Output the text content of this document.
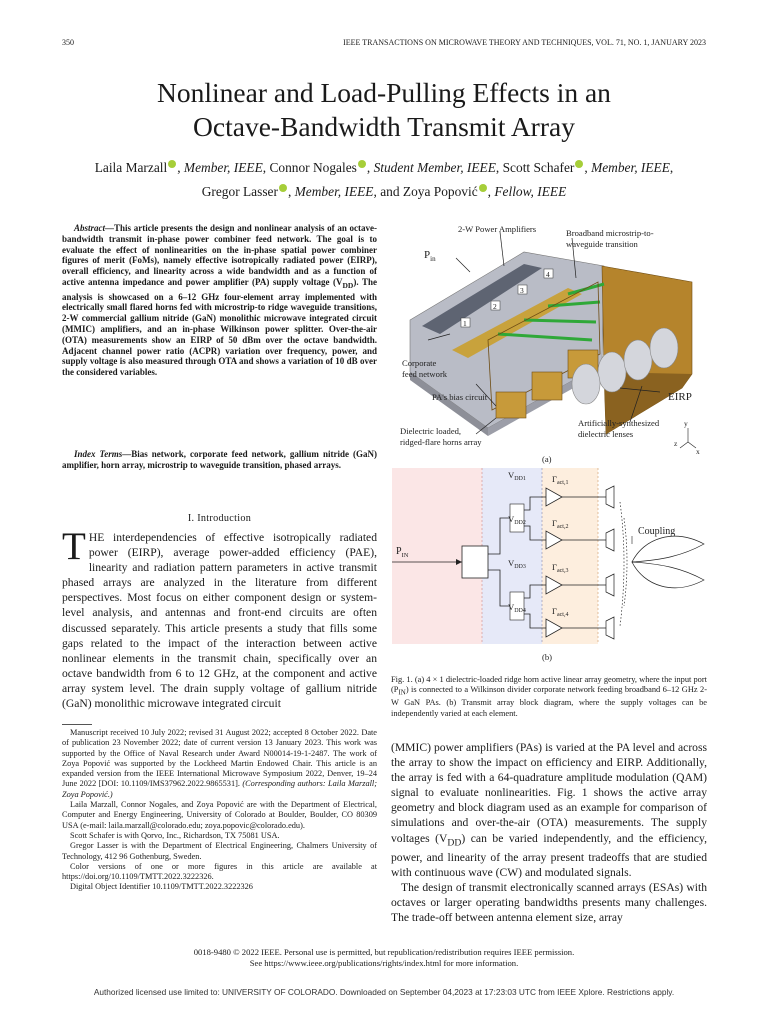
350	IEEE TRANSACTIONS ON MICROWAVE THEORY AND TECHNIQUES, VOL. 71, NO. 1, JANUARY 2023
Nonlinear and Load-Pulling Effects in an
Octave-Bandwidth Transmit Array
Laila Marzall , Member, IEEE, Connor Nogales , Student Member, IEEE, Scott Schafer , Member, IEEE,
Gregor Lasser , Member, IEEE, and Zoya Popović , Fellow, IEEE
Abstract—This article presents the design and nonlinear analysis of an octave-bandwidth transmit in-phase power combiner feed network. The goal is to evaluate the effect of nonlinearities on the in-phase spatial power combiner figures of merit (FoMs), namely effective isotropically radiated power (EIRP), overall efficiency, and linearity across a wide bandwidth and as a function of active antenna impedance and power amplifier (PA) supply voltage $(V_{DD})$. The analysis is showcased on a 6–12 GHz four-element array implemented with electrically small flared horns fed with microstrip-to ridge waveguide transitions, 2-W commercial gallium nitride (GaN) monolithic microwave integrated circuit (MMIC) amplifiers, and an in-phase Wilkinson power splitter. Over-the-air (OTA) measurements show an EIRP of 50 dBm over the octave bandwidth. Adjacent channel power ratio (ACPR) variation over frequency, power, and supply voltage is also measured through OTA and shows a variation of 10 dB over the considered variables.
Index Terms—Bias network, corporate feed network, gallium nitride (GaN) amplifier, horn array, microstrip to waveguide transition, phased arrays.
I. Introduction
THE interdependencies of effective isotropically radiated power (EIRP), average power-added efficiency (PAE), linearity and radiation pattern parameters in active transmit phased arrays are analyzed in the literature from different perspectives. Most focus on either component design or system-level analysis, and antennas and front-end circuits are often discussed separately. This article presents a study that fills some gaps related to the impact of the interaction between active nonlinear elements in the transmit chain, specifically over an octave bandwidth from 6 to 12 GHz, at the component and active array system level. The drain supply voltage of gallium nitride (GaN) monolithic microwave integrated circuit

Manuscript received 10 July 2022; revised 31 August 2022; accepted 8 October 2022. Date of publication 23 November 2022; date of current version 13 January 2023. This work was supported by the Office of Naval Research under Award N00014-19-1-2487. The work of Zoya Popović was supported by the Lockheed Martin Endowed Chair. This article is an expanded version from the IEEE International Microwave Symposium 2022, Denver, 19–24 June 2022 [DOI: 10.1109/IMS37962.2022.9865531]. (Corresponding authors: Laila Marzall; Zoya Popović.)

Laila Marzall, Connor Nogales, and Zoya Popović are with the Department of Electrical, Computer and Energy Engineering, University of Colorado at Boulder, Boulder, CO 80309 USA (e-mail: laila.marzall@colorado.edu; zoya.popovic@colorado.edu).

Scott Schafer is with Qorvo, Inc., Richardson, TX 75081 USA.

Gregor Lasser is with the Department of Electrical Engineering, Chalmers University of Technology, 412 96 Gothenburg, Sweden.

Color versions of one or more figures in this article are available at https://doi.org/10.1109/TMTT.2022.3222326.

Digital Object Identifier 10.1109/TMTT.2022.3222326

1
2
3
4
2-W Power Amplifiers	Broadband microstrip-to-
waveguide transition
$P_{in}$
Corporate
feed network
PA's bias circuit	EIRP
Artificially-synthesized
dielectric lenses
Dielectric loaded,
ridged-flare horns array
y
z
x
(a)
$P_{IN}$
$V_{DD1}$
$V_{DD2}$
$V_{DD3}$
$V_{DD4}$
$\Gamma_{act,1}$
$\Gamma_{act,2}$
$\Gamma_{act,3}$
$\Gamma_{act,4}$
Coupling
(b)
Fig. 1. (a) 4 × 1 dielectric-loaded ridge horn active linear array geometry, where the input port $(P_{IN})$ is connected to a Wilkinson divider corporate network feeding broadband 6–12 GHz 2-W GaN PAs. (b) Transmit array block diagram, where the supply voltages can be independently varied at each element.

(MMIC) power amplifiers (PAs) is varied at the PA level and across the array to show the impact on efficiency and EIRP. Additionally, the array is fed with a 64-quadrature amplitude modulation (QAM) signal to evaluate nonlinearities. Fig. 1 shows the active array geometry and block diagram used as an example for comparison of simulations and over-the-air (OTA) measurements. The supply voltages $(V_{DD})$ can be varied independently, and the efficiency, power, and linearity of the array present tradeoffs that are studied with continuous wave (CW) and modulated signals.

The design of transmit electronically scanned arrays (ESAs) with octaves or larger operating bandwidths presents many challenges. The trade-off between antenna element size, array

0018-9480 © 2022 IEEE. Personal use is permitted, but republication/redistribution requires IEEE permission.
See https://www.ieee.org/publications/rights/index.html for more information.
Authorized licensed use limited to: UNIVERSITY OF COLORADO. Downloaded on September 04,2023 at 17:23:03 UTC from IEEE Xplore. Restrictions apply.
